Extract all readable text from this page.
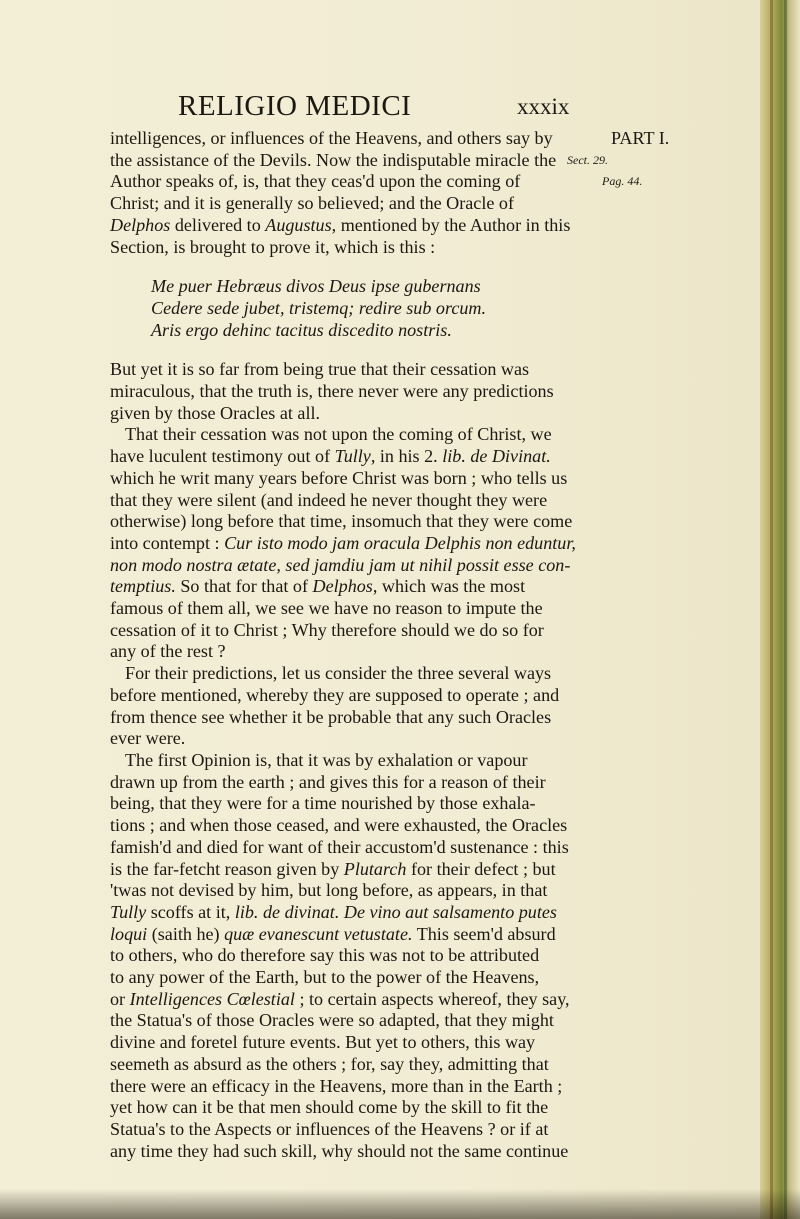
RELIGIO MEDICI	xxxix
intelligences, or influences of the Heavens, and others say by
the assistance of the Devils. Now the indisputable miracle the
Author speaks of, is, that they ceas'd upon the coming of
Christ; and it is generally so believed; and the Oracle of
Delphos delivered to Augustus, mentioned by the Author in this
Section, is brought to prove it, which is this :
Me puer Hebræus divos Deus ipse gubernans
Cedere sede jubet, tristemq; redire sub orcum.
Aris ergo dehinc tacitus discedito nostris.
But yet it is so far from being true that their cessation was
miraculous, that the truth is, there never were any predictions
given by those Oracles at all.
That their cessation was not upon the coming of Christ, we
have luculent testimony out of Tully, in his 2. lib. de Divinat.
which he writ many years before Christ was born ; who tells us
that they were silent (and indeed he never thought they were
otherwise) long before that time, insomuch that they were come
into contempt : Cur isto modo jam oracula Delphis non eduntur,
non modo nostra ætate, sed jamdiu jam ut nihil possit esse con-
temptius. So that for that of Delphos, which was the most
famous of them all, we see we have no reason to impute the
cessation of it to Christ ; Why therefore should we do so for
any of the rest ?
For their predictions, let us consider the three several ways
before mentioned, whereby they are supposed to operate ; and
from thence see whether it be probable that any such Oracles
ever were.
The first Opinion is, that it was by exhalation or vapour
drawn up from the earth ; and gives this for a reason of their
being, that they were for a time nourished by those exhala-
tions ; and when those ceased, and were exhausted, the Oracles
famish'd and died for want of their accustom'd sustenance : this
is the far-fetcht reason given by Plutarch for their defect ; but
'twas not devised by him, but long before, as appears, in that
Tully scoffs at it, lib. de divinat. De vino aut salsamento putes
loqui (saith he) quæ evanescunt vetustate. This seem'd absurd
to others, who do therefore say this was not to be attributed
to any power of the Earth, but to the power of the Heavens,
or Intelligences Cœlestial ; to certain aspects whereof, they say,
the Statua's of those Oracles were so adapted, that they might
divine and foretel future events. But yet to others, this way
seemeth as absurd as the others ; for, say they, admitting that
there were an efficacy in the Heavens, more than in the Earth ;
yet how can it be that men should come by the skill to fit the
Statua's to the Aspects or influences of the Heavens ? or if at
any time they had such skill, why should not the same continue
PART I.
Sect. 29.
Pag. 44.
